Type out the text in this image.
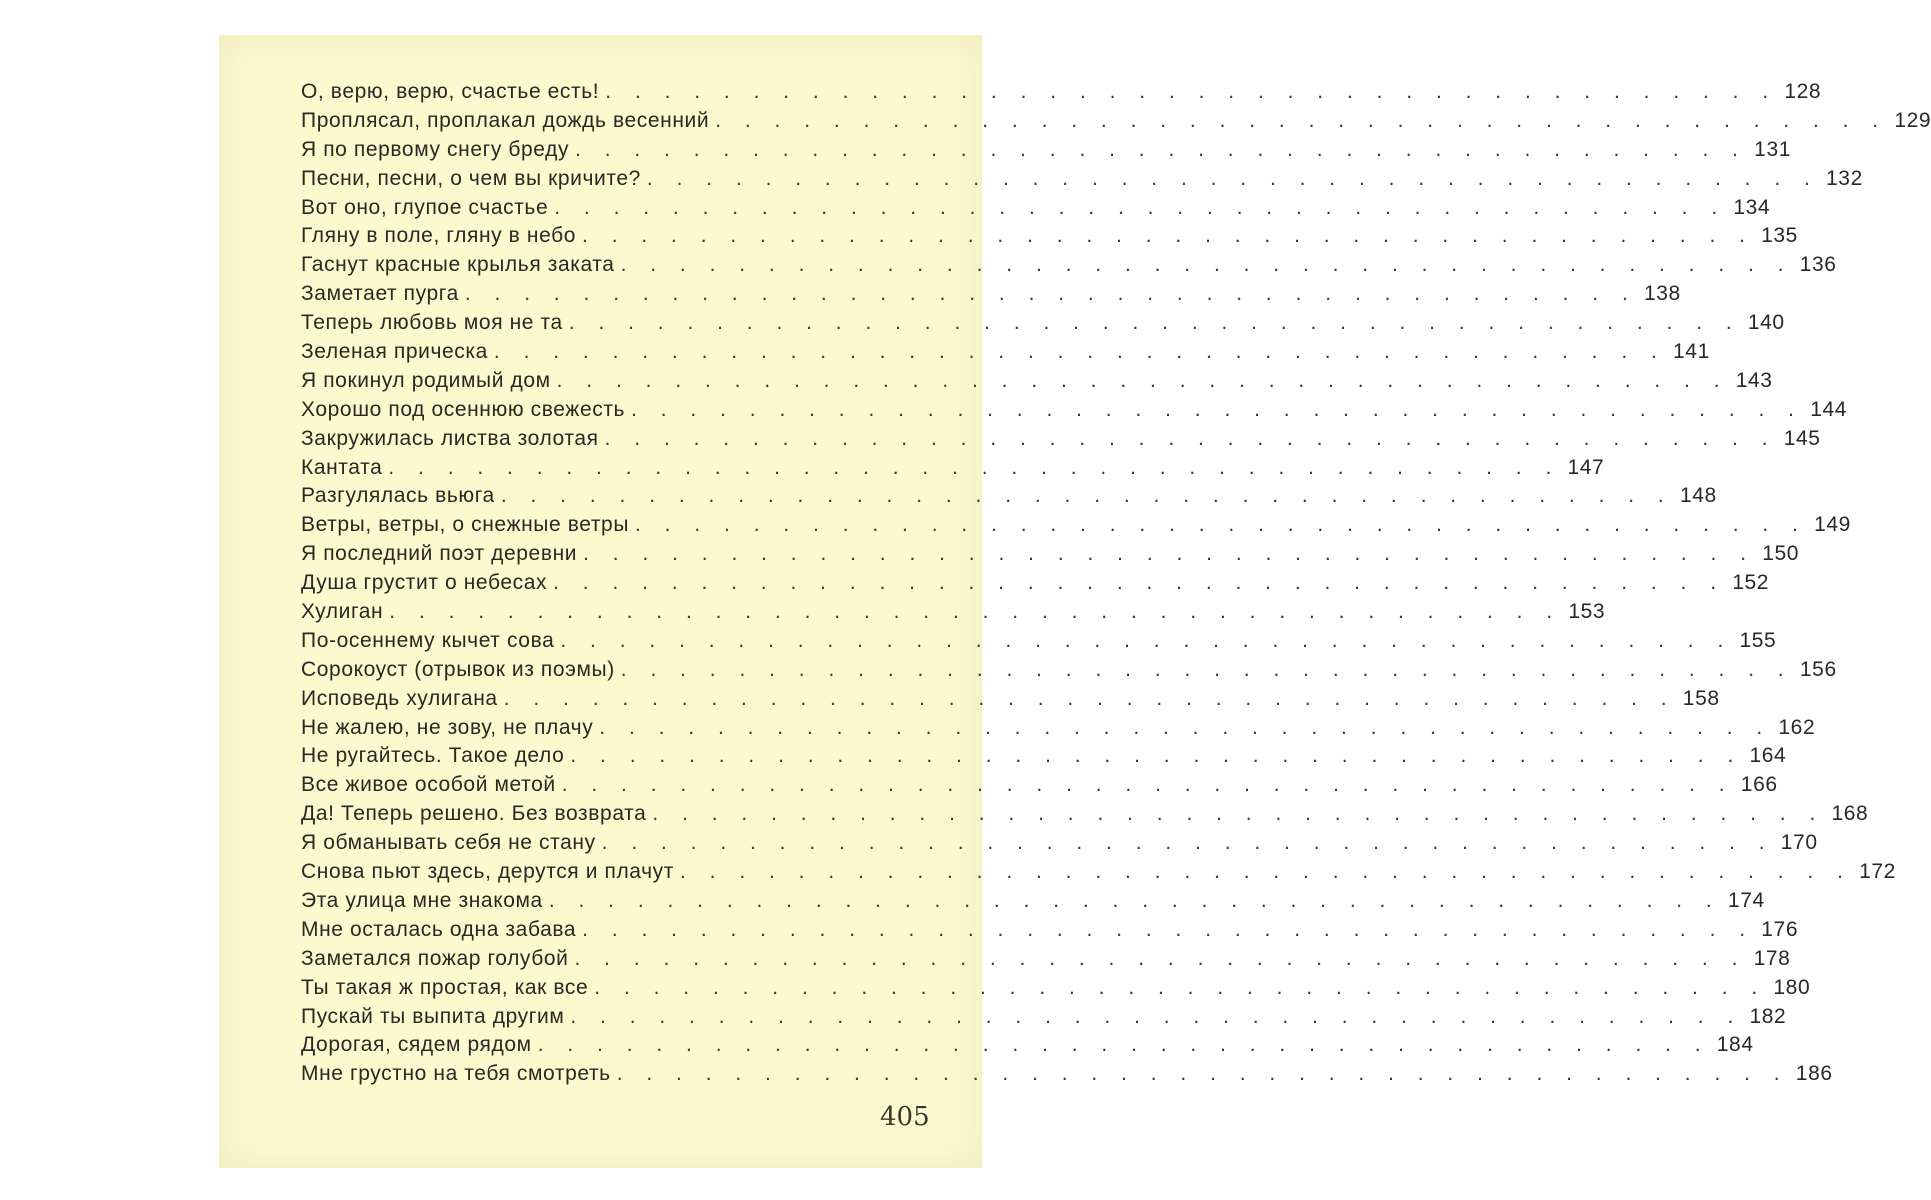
О, верю, верю, счастье есть! . . . . . . . . . . . . . . . . . . . . . . . . . . . . . . . . . . . . . . . . 128
Проплясал, проплакал дождь весенний . . . . . . . . . . . . . . . . . . . . . . . . . . . . . . . . . . . . . . . . 129
Я по первому снегу бреду . . . . . . . . . . . . . . . . . . . . . . . . . . . . . . . . . . . . . . . . 131
Песни, песни, о чем вы кричите? . . . . . . . . . . . . . . . . . . . . . . . . . . . . . . . . . . . . . . . . 132
Вот оно, глупое счастье . . . . . . . . . . . . . . . . . . . . . . . . . . . . . . . . . . . . . . . . 134
Гляну в поле, гляну в небо . . . . . . . . . . . . . . . . . . . . . . . . . . . . . . . . . . . . . . . . 135
Гаснут красные крылья заката . . . . . . . . . . . . . . . . . . . . . . . . . . . . . . . . . . . . . . . . 136
Заметает пурга . . . . . . . . . . . . . . . . . . . . . . . . . . . . . . . . . . . . . . . . 138
Теперь любовь моя не та . . . . . . . . . . . . . . . . . . . . . . . . . . . . . . . . . . . . . . . . 140
Зеленая прическа . . . . . . . . . . . . . . . . . . . . . . . . . . . . . . . . . . . . . . . . 141
Я покинул родимый дом . . . . . . . . . . . . . . . . . . . . . . . . . . . . . . . . . . . . . . . . 143
Хорошо под осеннюю свежесть . . . . . . . . . . . . . . . . . . . . . . . . . . . . . . . . . . . . . . . . 144
Закружилась листва золотая . . . . . . . . . . . . . . . . . . . . . . . . . . . . . . . . . . . . . . . . 145
Кантата . . . . . . . . . . . . . . . . . . . . . . . . . . . . . . . . . . . . . . . . 147
Разгулялась вьюга . . . . . . . . . . . . . . . . . . . . . . . . . . . . . . . . . . . . . . . . 148
Ветры, ветры, о снежные ветры . . . . . . . . . . . . . . . . . . . . . . . . . . . . . . . . . . . . . . . . 149
Я последний поэт деревни . . . . . . . . . . . . . . . . . . . . . . . . . . . . . . . . . . . . . . . . 150
Душа грустит о небесах . . . . . . . . . . . . . . . . . . . . . . . . . . . . . . . . . . . . . . . . 152
Хулиган . . . . . . . . . . . . . . . . . . . . . . . . . . . . . . . . . . . . . . . . 153
По-осеннему кычет сова . . . . . . . . . . . . . . . . . . . . . . . . . . . . . . . . . . . . . . . . 155
Сорокоуст (отрывок из поэмы) . . . . . . . . . . . . . . . . . . . . . . . . . . . . . . . . . . . . . . . . 156
Исповедь хулигана . . . . . . . . . . . . . . . . . . . . . . . . . . . . . . . . . . . . . . . . 158
Не жалею, не зову, не плачу . . . . . . . . . . . . . . . . . . . . . . . . . . . . . . . . . . . . . . . . 162
Не ругайтесь. Такое дело . . . . . . . . . . . . . . . . . . . . . . . . . . . . . . . . . . . . . . . . 164
Все живое особой метой . . . . . . . . . . . . . . . . . . . . . . . . . . . . . . . . . . . . . . . . 166
Да! Теперь решено. Без возврата . . . . . . . . . . . . . . . . . . . . . . . . . . . . . . . . . . . . . . . . 168
Я обманывать себя не стану . . . . . . . . . . . . . . . . . . . . . . . . . . . . . . . . . . . . . . . . 170
Снова пьют здесь, дерутся и плачут . . . . . . . . . . . . . . . . . . . . . . . . . . . . . . . . . . . . . . . . 172
Эта улица мне знакома . . . . . . . . . . . . . . . . . . . . . . . . . . . . . . . . . . . . . . . . 174
Мне осталась одна забава . . . . . . . . . . . . . . . . . . . . . . . . . . . . . . . . . . . . . . . . 176
Заметался пожар голубой . . . . . . . . . . . . . . . . . . . . . . . . . . . . . . . . . . . . . . . . 178
Ты такая ж простая, как все . . . . . . . . . . . . . . . . . . . . . . . . . . . . . . . . . . . . . . . . 180
Пускай ты выпита другим . . . . . . . . . . . . . . . . . . . . . . . . . . . . . . . . . . . . . . . . 182
Дорогая, сядем рядом . . . . . . . . . . . . . . . . . . . . . . . . . . . . . . . . . . . . . . . . 184
Мне грустно на тебя смотреть . . . . . . . . . . . . . . . . . . . . . . . . . . . . . . . . . . . . . . . . 186
405
